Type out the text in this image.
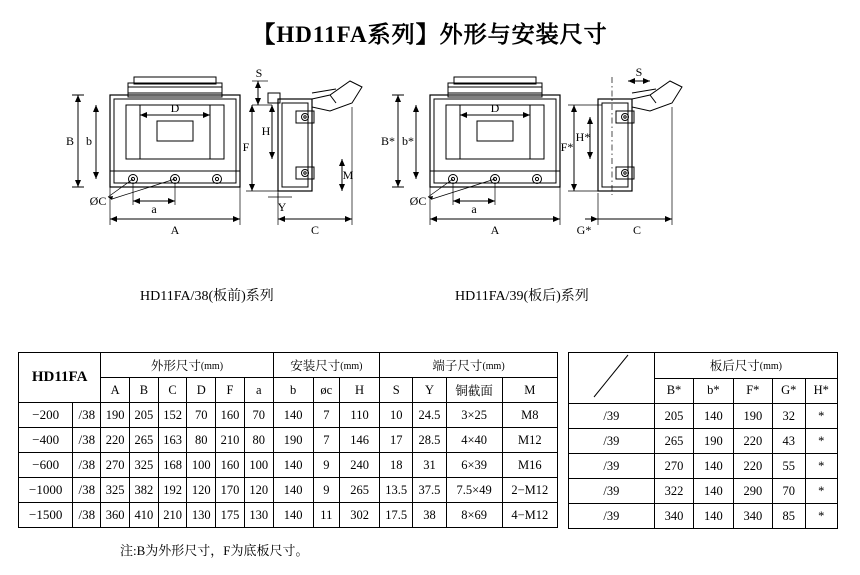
【HD11FA系列】外形与安装尺寸
B b
ØC
a
A
D
S
H
F
Y
M
C
B* b*
ØC
a
A
D
S
H*
F*
G*	C
HD11FA/38(板前)系列	HD11FA/39(板后)系列
HD11FA		外形尺寸(mm)						安装尺寸(mm)			端子尺寸(mm)			
		A	B	C	D	F	a	b	øc	H	S	Y	铜截面	M
−200	/38	190	205	152	70	160	70	140	7	110	10	24.5	3×25	M8
−400	/38	220	265	163	80	210	80	190	7	146	17	28.5	4×40	M12
−600	/38	270	325	168	100	160	100	140	9	240	18	31	6×39	M16
−1000	/38	325	382	192	120	170	120	140	9	265	13.5	37.5	7.5×49	2−M12
−1500	/38	360	410	210	130	175	130	140	11	302	17.5	38	8×69	4−M12
	板后尺寸(mm)				
	B*	b*	F*	G*	H*
/39	205	140	190	32	*
/39	265	190	220	43	*
/39	270	140	220	55	*
/39	322	140	290	70	*
/39	340	140	340	85	*
注:B为外形尺寸，F为底板尺寸。
